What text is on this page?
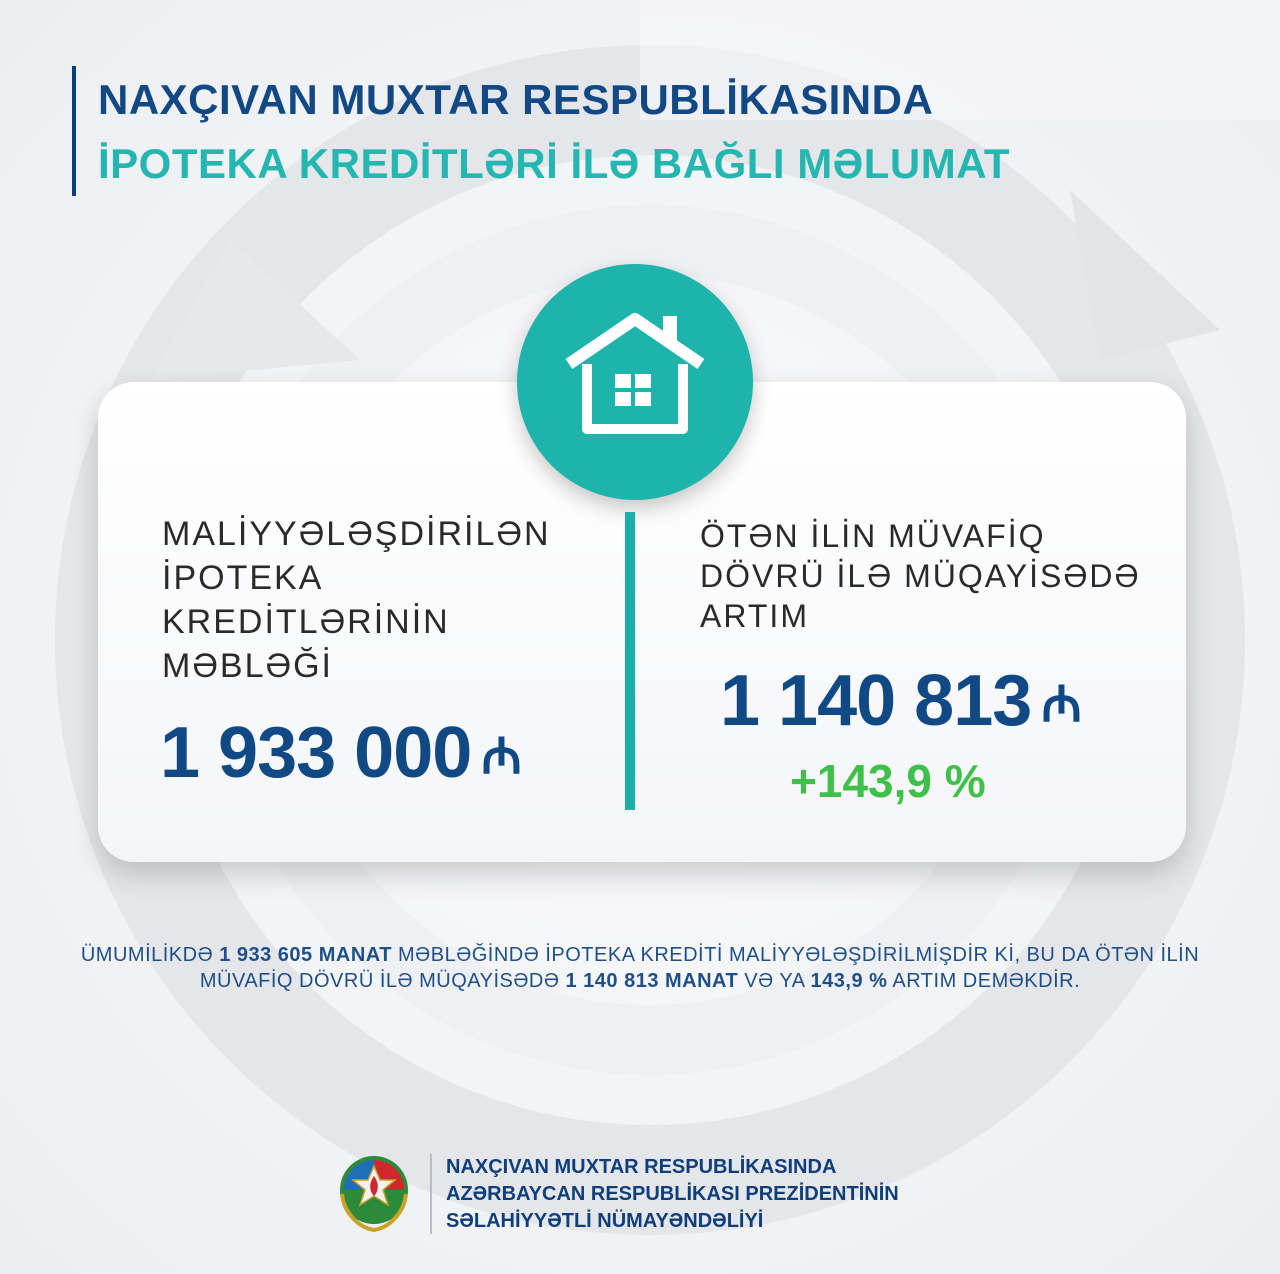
NAXÇIVAN MUXTAR RESPUBLİKASINDA
İPOTEKA KREDİTLƏRİ İLƏ BAĞLI MƏLUMAT
MALİYYƏLƏŞDİRİLƏN
İPOTEKA
KREDİTLƏRİNİN
MƏBLƏĞİ
1 933 000 ₼
ÖTƏN İLİN MÜVAFİQ
DÖVRÜ İLƏ MÜQAYİSƏDƏ
ARTIM
1 140 813 ₼
+143,9 %
ÜMUMİLİKDƏ 1 933 605 MANAT MƏBLƏĞİNDƏ İPOTEKA KREDİTİ MALİYYƏLƏŞDİRİLMİŞDİR Kİ, BU DA ÖTƏN İLİN MÜVAFİQ DÖVRÜ İLƏ MÜQAYİSƏDƏ 1 140 813 MANAT VƏ YA 143,9 % ARTIM DEMƏKDİR.
NAXÇIVAN MUXTAR RESPUBLİKASINDA
AZƏRBAYCAN RESPUBLİKASI PREZİDENTİNİN
SƏLAHİYYƏTLİ NÜMAYƏNDƏLİYİ
